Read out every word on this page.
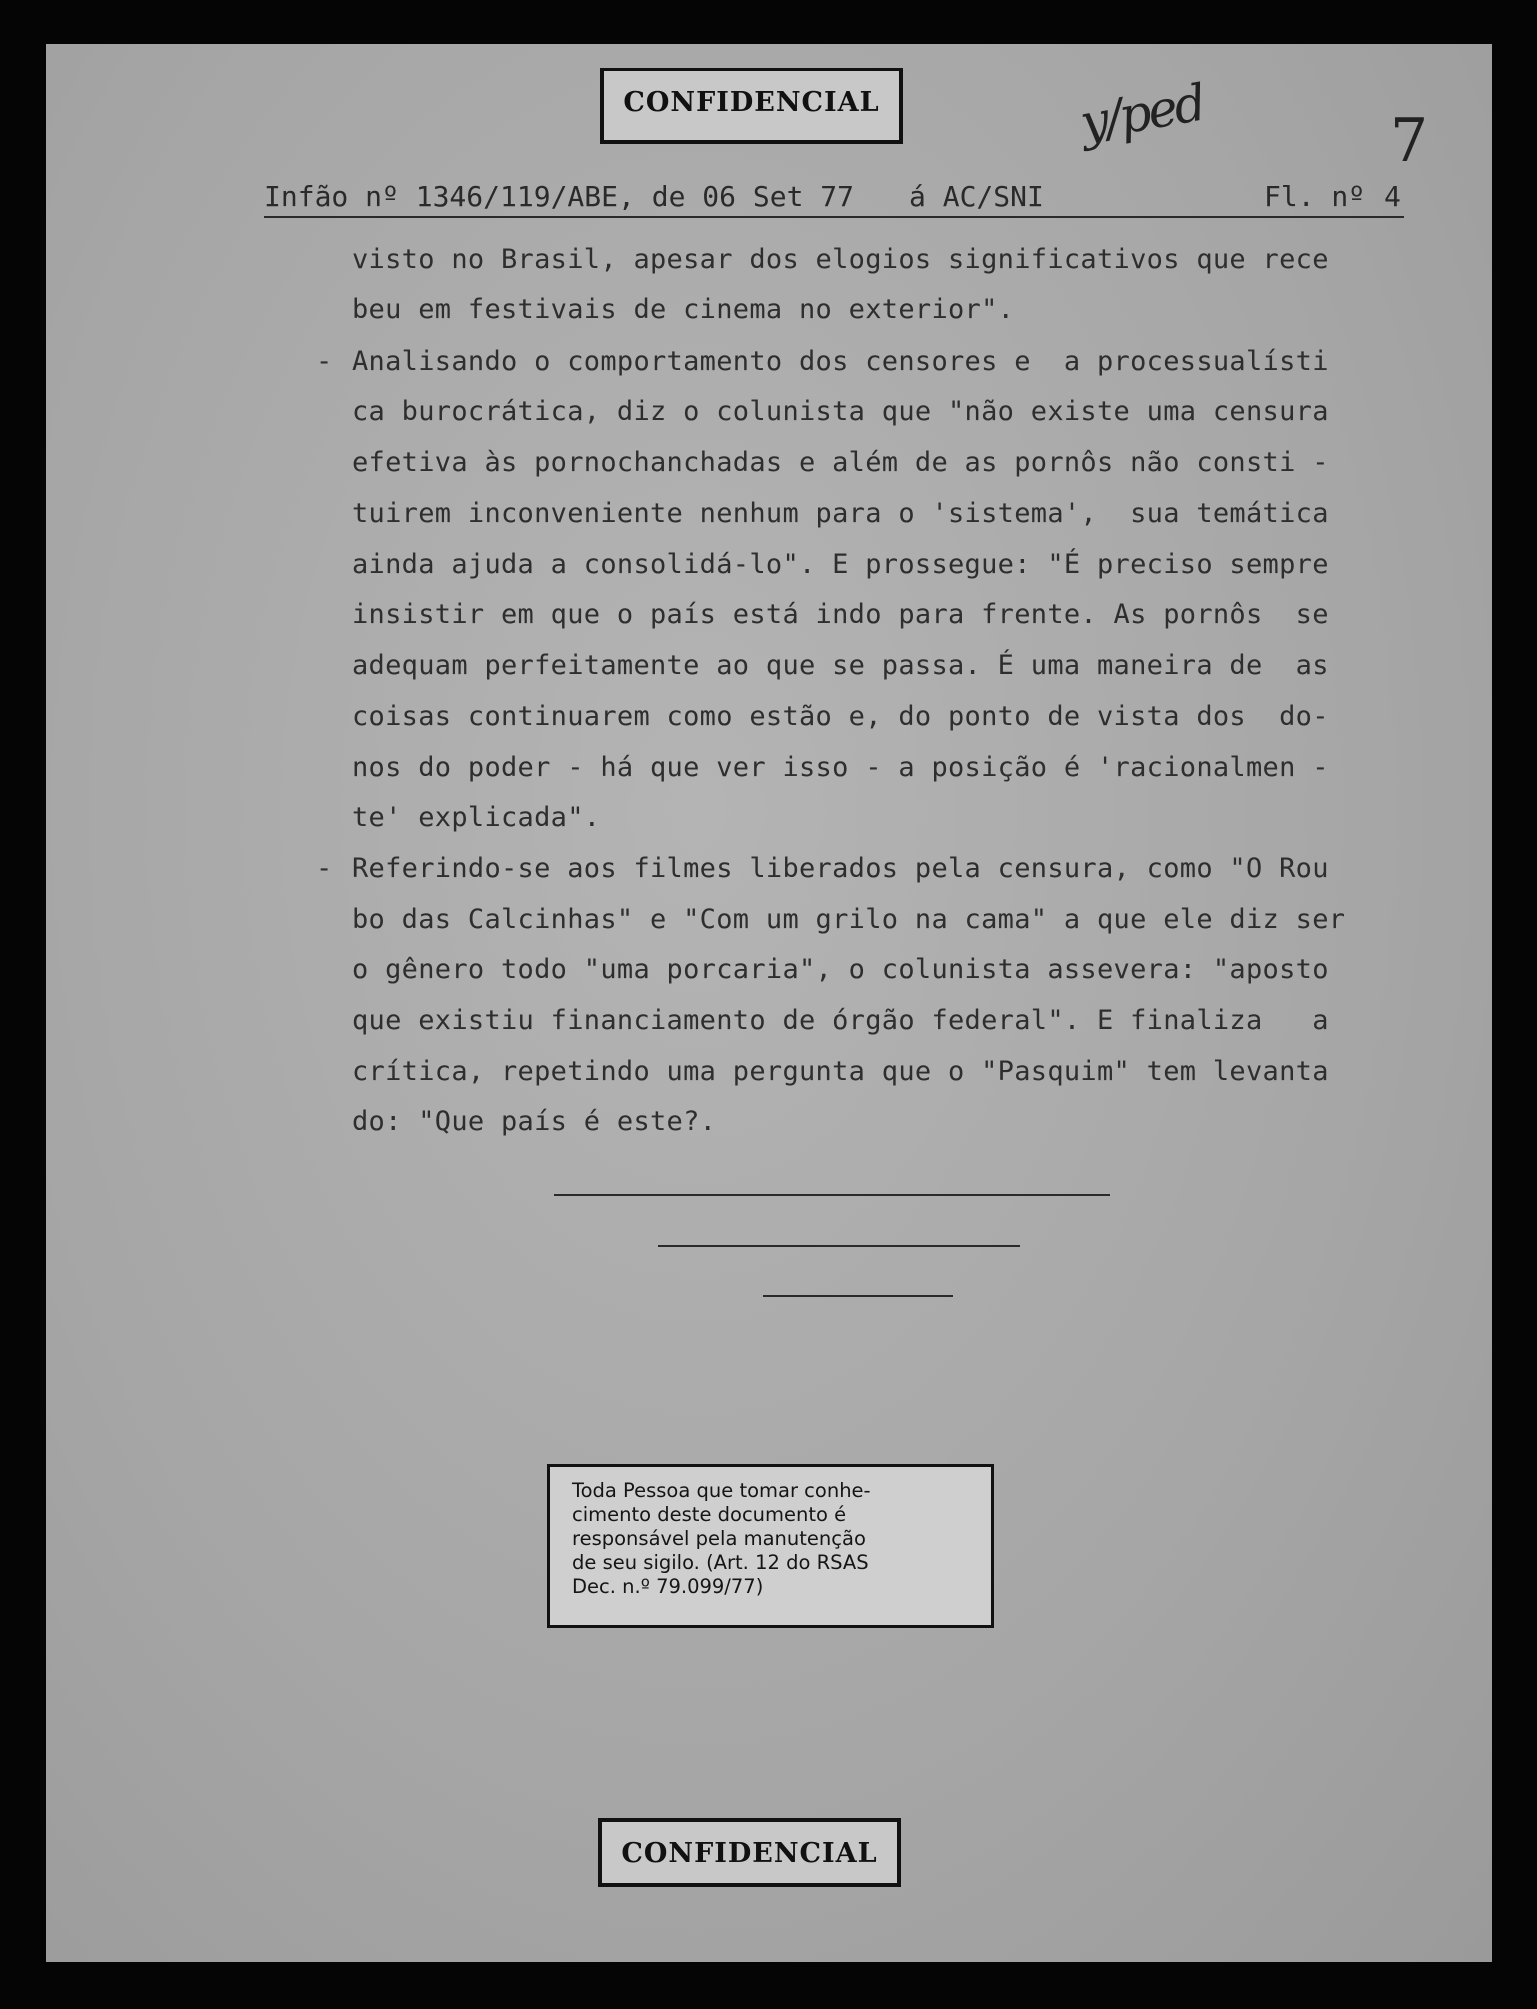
CONFIDENCIAL	y/ped	7

Infão nº 1346/119/ABE, de 06 Set 77

á AC/SNI

	Fl. nº

4

visto no Brasil, apesar dos elogios significativos que rece
beu em festivais de cinema no exterior".
- Analisando o comportamento dos censores e  a processualísti
ca burocrática, diz o colunista que "não existe uma censura
efetiva às pornochanchadas e além de as pornôs não consti -
tuirem inconveniente nenhum para o 'sistema',  sua temática
ainda ajuda a consolidá-lo". E prossegue: "É preciso sempre
insistir em que o país está indo para frente. As pornôs  se
adequam perfeitamente ao que se passa. É uma maneira de  as
coisas continuarem como estão e, do ponto de vista dos  do-
nos do poder - há que ver isso - a posição é 'racionalmen -
te' explicada".
- Referindo-se aos filmes liberados pela censura, como "O Rou
bo das Calcinhas" e "Com um grilo na cama" a que ele diz ser
o gênero todo "uma porcaria", o colunista assevera: "aposto
que existiu financiamento de órgão federal". E finaliza   a
crítica, repetindo uma pergunta que o "Pasquim" tem levanta
do: "Que país é este?.
Toda Pessoa que tomar conhe-
cimento deste documento é
responsável pela manutenção
de seu sigilo. (Art. 12 do RSAS
Dec. n.º 79.099/77)
CONFIDENCIAL
